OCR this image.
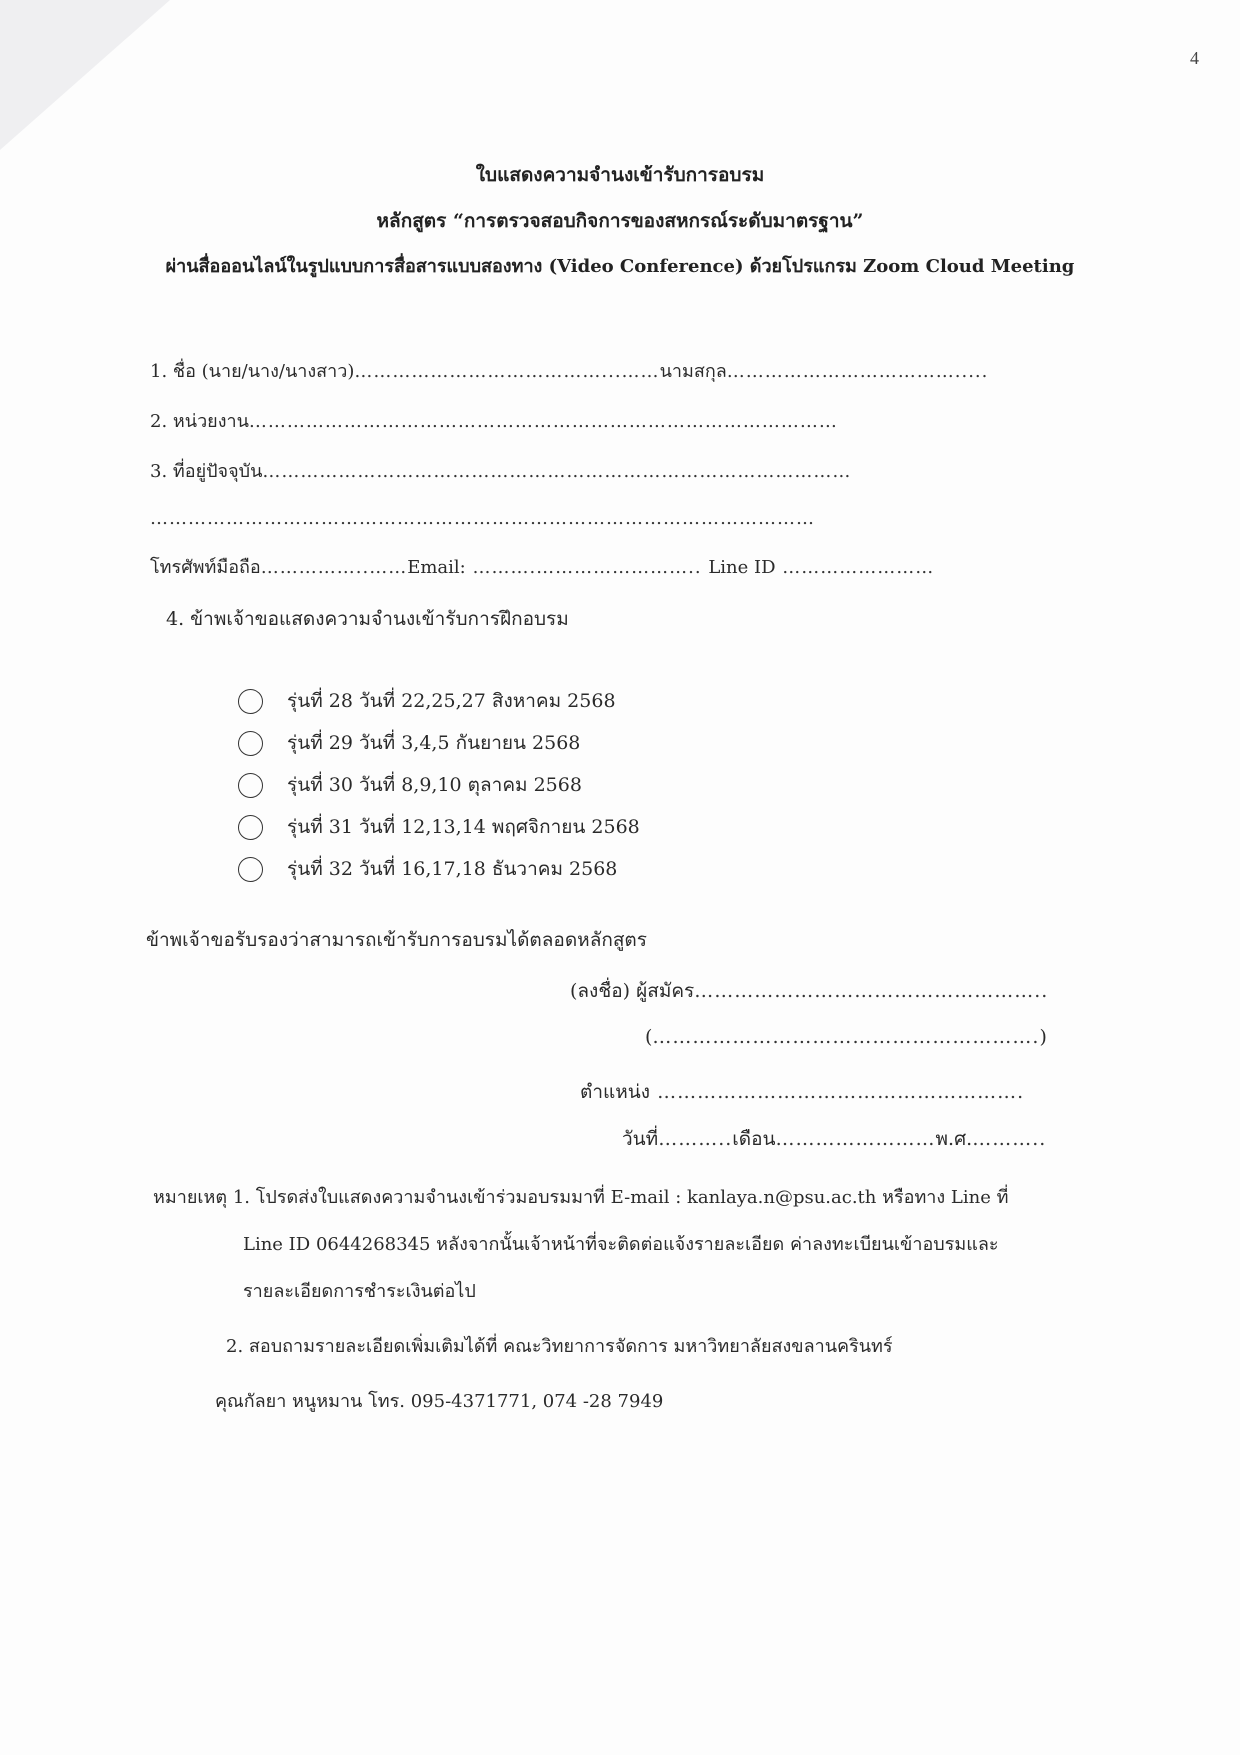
4
ใบแสดงความจำนงเข้ารับการอบรม
หลักสูตร “การตรวจสอบกิจการของสหกรณ์ระดับมาตรฐาน”
ผ่านสื่อออนไลน์ในรูปแบบการสื่อสารแบบสองทาง (Video Conference) ด้วยโปรแกรม Zoom Cloud Meeting
1. ชื่อ (นาย/นาง/นางสาว)…………………………………...……นามสกุล……………………………….....
2. หน่วยงาน…………………………………………………………………………………
3. ที่อยู่ปัจจุบัน…………………………………………………………………………………
……………………………………………………………………………………………
โทรศัพท์มือถือ……………..……Email: ……….…………………….. Line ID ……………………
4. ข้าพเจ้าขอแสดงความจำนงเข้ารับการฝึกอบรม
รุ่นที่ 28 วันที่ 22,25,27 สิงหาคม 2568
รุ่นที่ 29 วันที่ 3,4,5 กันยายน 2568
รุ่นที่ 30 วันที่ 8,9,10 ตุลาคม 2568
รุ่นที่ 31 วันที่ 12,13,14 พฤศจิกายน 2568
รุ่นที่ 32 วันที่ 16,17,18 ธันวาคม 2568
ข้าพเจ้าขอรับรองว่าสามารถเข้ารับการอบรมได้ตลอดหลักสูตร
(ลงชื่อ) ผู้สมัคร……………………………………………..
(………………………………………………….)
ตำแหน่ง ……………………………………………….
วันที่………..เดือน……………………พ.ศ.………..
หมายเหตุ 1. โปรดส่งใบแสดงความจำนงเข้าร่วมอบรมมาที่ E-mail : kanlaya.n@psu.ac.th หรือทาง Line ที่
Line ID 0644268345 หลังจากนั้นเจ้าหน้าที่จะติดต่อแจ้งรายละเอียด ค่าลงทะเบียนเข้าอบรมและ
รายละเอียดการชำระเงินต่อไป
2. สอบถามรายละเอียดเพิ่มเติมได้ที่ คณะวิทยาการจัดการ มหาวิทยาลัยสงขลานครินทร์
คุณกัลยา หนูหมาน โทร. 095-4371771, 074 -28 7949
